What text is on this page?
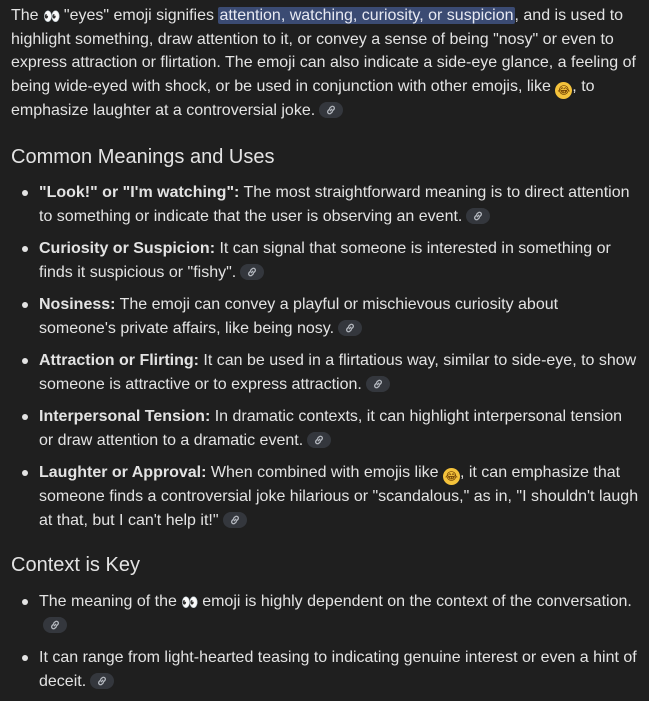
The 👀 "eyes" emoji signifies attention, watching, curiosity, or suspicion, and is used to highlight something, draw attention to it, or convey a sense of being "nosy" or even to express attraction or flirtation. The emoji can also indicate a side-eye glance, a feeling of being wide-eyed with shock, or be used in conjunction with other emojis, like 😂 , to emphasize laughter at a controversial joke.

Common Meanings and Uses
"Look!" or "I'm watching": The most straightforward meaning is to direct attention to something or indicate that the user is observing an event.
Curiosity or Suspicion: It can signal that someone is interested in something or finds it suspicious or "fishy".
Nosiness: The emoji can convey a playful or mischievous curiosity about someone's private affairs, like being nosy.
Attraction or Flirting: It can be used in a flirtatious way, similar to side-eye, to show someone is attractive or to express attraction.
Interpersonal Tension: In dramatic contexts, it can highlight interpersonal tension or draw attention to a dramatic event.
Laughter or Approval: When combined with emojis like 😂 , it can emphasize that someone finds a controversial joke hilarious or "scandalous," as in, "I shouldn't laugh at that, but I can't help it!"
Context is Key
The meaning of the 👀 emoji is highly dependent on the context of the conversation.
It can range from light-hearted teasing to indicating genuine interest or even a hint of deceit.
